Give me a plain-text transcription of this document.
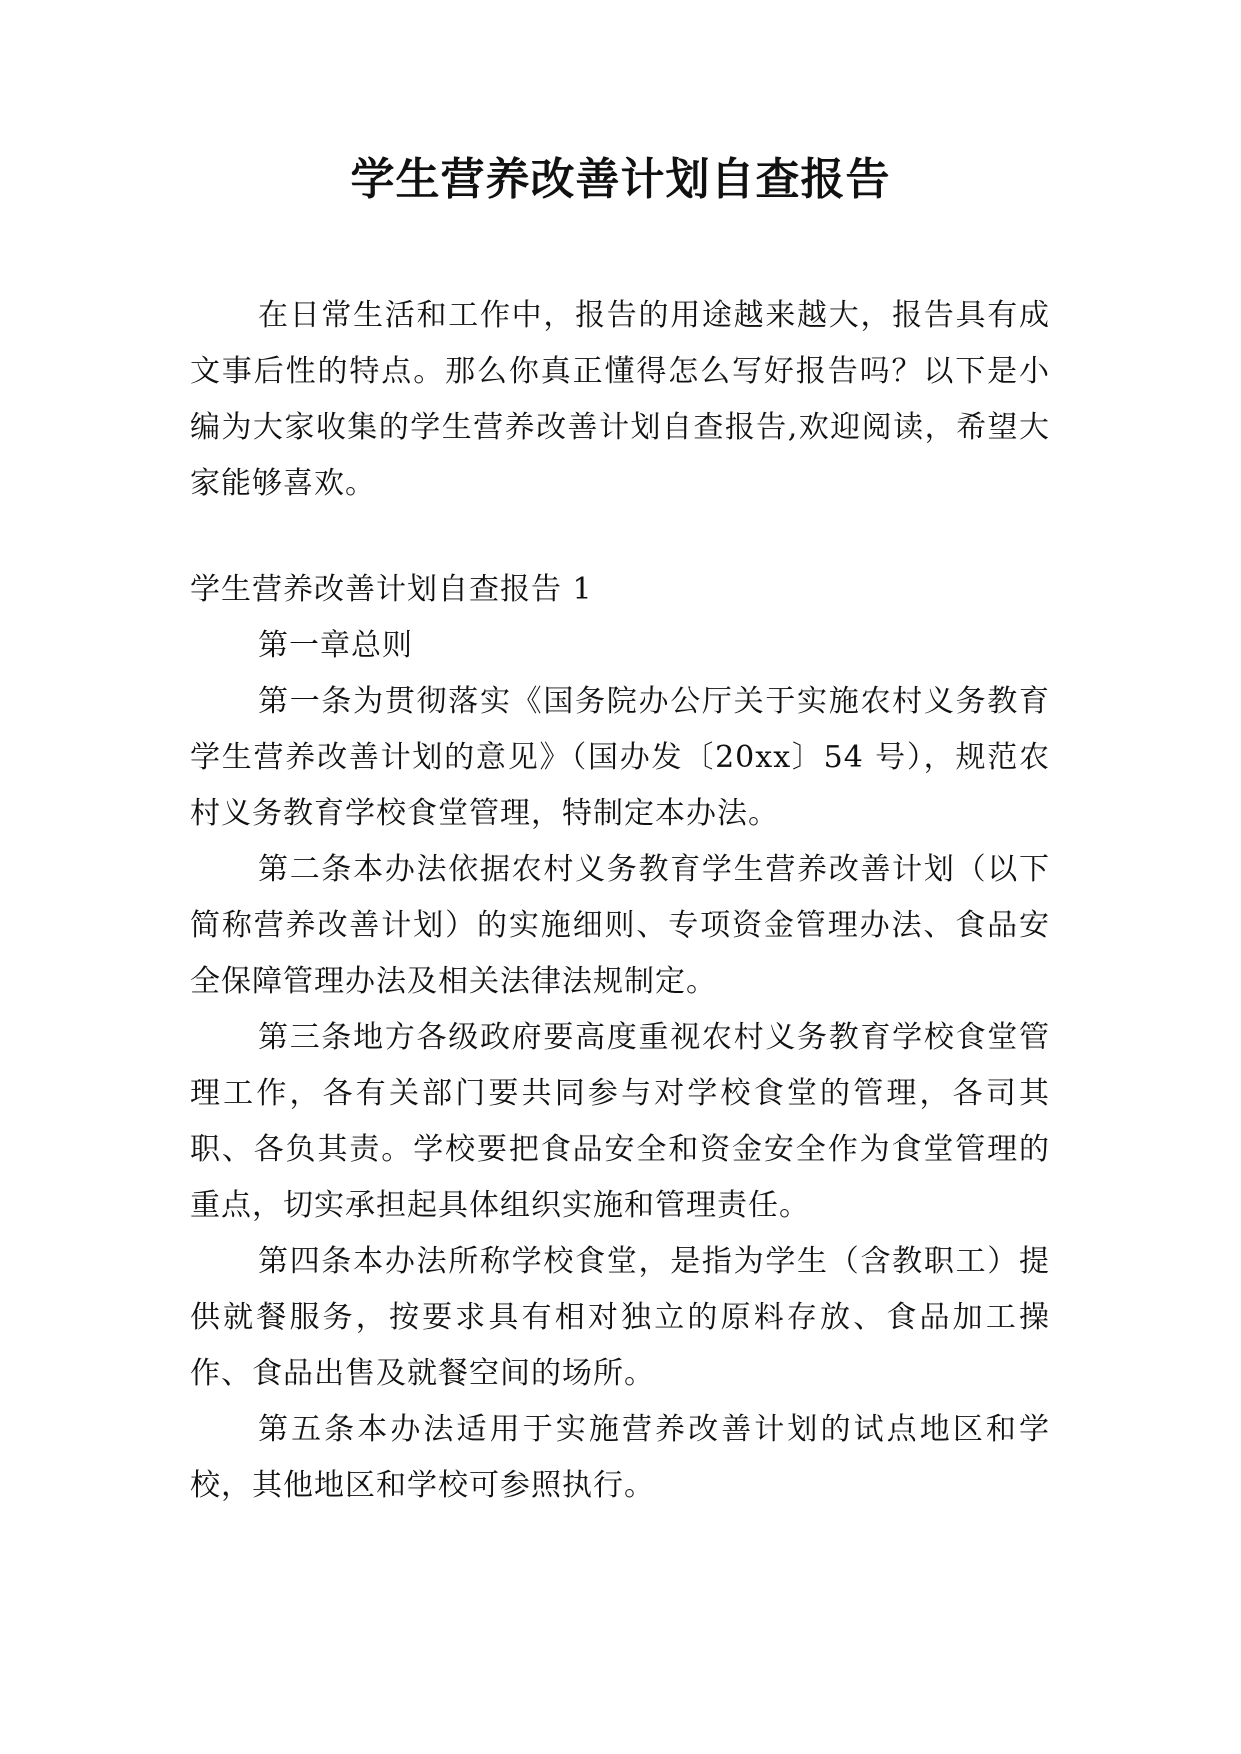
学生营养改善计划自查报告

在日常生活和工作中，报告的用途越来越大，报告具有成文事后性的特点。那么你真正懂得怎么写好报告吗？以下是小编为大家收集的学生营养改善计划自查报告,欢迎阅读，希望大家能够喜欢。

学生营养改善计划自查报告 1

第一章总则

第一条为贯彻落实《国务院办公厅关于实施农村义务教育学生营养改善计划的意见》（国办发〔20xx〕54 号），规范农村义务教育学校食堂管理，特制定本办法。

第二条本办法依据农村义务教育学生营养改善计划（以下简称营养改善计划）的实施细则、专项资金管理办法、食品安全保障管理办法及相关法律法规制定。

第三条地方各级政府要高度重视农村义务教育学校食堂管理工作，各有关部门要共同参与对学校食堂的管理，各司其职、各负其责。学校要把食品安全和资金安全作为食堂管理的重点，切实承担起具体组织实施和管理责任。

第四条本办法所称学校食堂，是指为学生（含教职工）提供就餐服务，按要求具有相对独立的原料存放、食品加工操作、食品出售及就餐空间的场所。

第五条本办法适用于实施营养改善计划的试点地区和学校，其他地区和学校可参照执行。
